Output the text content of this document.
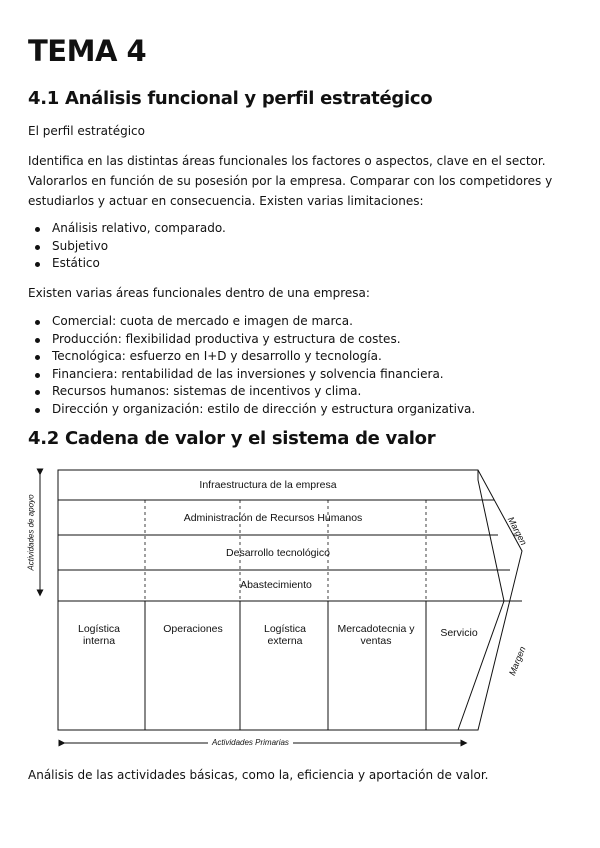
TEMA 4
4.1 Análisis funcional y perfil estratégico

El perfil estratégico

Identifica en las distintas áreas funcionales los factores o aspectos, clave en el sector. Valorarlos en función de su posesión por la empresa. Comparar con los competidores y estudiarlos y actuar en consecuencia. Existen varias limitaciones:

Análisis relativo, comparado.
Subjetivo
Estático

Existen varias áreas funcionales dentro de una empresa:

Comercial: cuota de mercado e imagen de marca.
Producción: flexibilidad productiva y estructura de costes.
Tecnológica: esfuerzo en I+D y desarrollo y tecnología.
Financiera: rentabilidad de las inversiones y solvencia financiera.
Recursos humanos: sistemas de incentivos y clima.
Dirección y organización: estilo de dirección y estructura organizativa.
4.2 Cadena de valor y el sistema de valor
Infraestructura de la empresa
Administración de Recursos Humanos
Desarrollo tecnológico
Abastecimiento
Logística interna
Operaciones	Logística externa
Mercadotecnia y ventas
Servicio
Actividades de apoyo
Actividades Primarias
Margen
Margen

Análisis de las actividades básicas, como la, eficiencia y aportación de valor.
